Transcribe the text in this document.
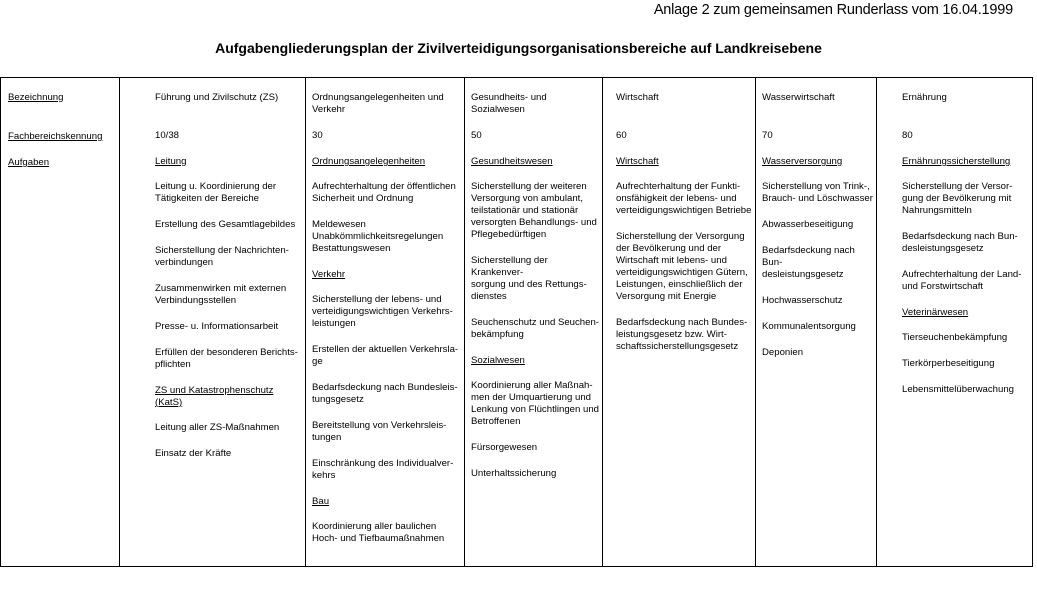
Anlage 2 zum gemeinsamen Runderlass vom 16.04.1999
Aufgabengliederungsplan der Zivilverteidigungsorganisationsbereiche auf Landkreisebene

Bezeichnung

Fachbereichskennung

Aufgaben

Führung und Zivilschutz (ZS)
10/38

Leitung

Leitung u. Koordinierung der

Tätigkeiten der Bereiche

Erstellung des Gesamtlagebildes

Sicherstellung der Nachrichten-

verbindungen

Zusammenwirken mit externen

Verbindungsstellen

Presse- u. Informationsarbeit

Erfüllen der besonderen Berichts-

pflichten

ZS und Katastrophenschutz

(KatS)

Leitung aller ZS-Maßnahmen

Einsatz der Kräfte

Ordnungsangelegenheiten und Verkehr
30

Ordnungsangelegenheiten

Aufrechterhaltung der öffentlichen

Sicherheit und Ordnung

Meldewesen

Unabkömmlichkeitsregelungen

Bestattungswesen

Verkehr

Sicherstellung der lebens- und

verteidigungswichtigen Verkehrs-

leistungen

Erstellen der aktuellen Verkehrsla-

ge

Bedarfsdeckung nach Bundesleis-

tungsgesetz

Bereitstellung von Verkehrsleis-

tungen

Einschränkung des Individualver-

kehrs

Bau

Koordinierung aller baulichen

Hoch- und Tiefbaumaßnahmen

Gesundheits- und Sozialwesen
50

Gesundheitswesen

Sicherstellung der weiteren

Versorgung von ambulant,

teilstationär und stationär

versorgten Behandlungs- und

Pflegebedürftigen

Sicherstellung der Krankenver-

sorgung und des Rettungs-

dienstes

Seuchenschutz und Seuchen-

bekämpfung

Sozialwesen

Koordinierung aller Maßnah-

men der Umquartierung und

Lenkung von Flüchtlingen und

Betroffenen

Fürsorgewesen

Unterhaltssicherung

Wirtschaft
60

Wirtschaft

Aufrechterhaltung der Funkti-

onsfähigkeit der lebens- und

verteidigungswichtigen Betriebe

Sicherstellung der Versorgung

der Bevölkerung und der

Wirtschaft mit lebens- und

verteidigungswichtigen Gütern,

Leistungen, einschließlich der

Versorgung mit Energie

Bedarfsdeckung nach Bundes-

leistungsgesetz bzw. Wirt-

schaftssicherstellungsgesetz

Wasserwirtschaft
70

Wasserversorgung

Sicherstellung von Trink-,

Brauch- und Löschwasser

Abwasserbeseitigung

Bedarfsdeckung nach Bun-

desleistungsgesetz

Hochwasserschutz

Kommunalentsorgung

Deponien

Ernährung
80

Ernährungssicherstellung

Sicherstellung der Versor-

gung der Bevölkerung mit

Nahrungsmitteln

Bedarfsdeckung nach Bun-

desleistungsgesetz

Aufrechterhaltung der Land-

und Forstwirtschaft

Veterinärwesen

Tierseuchenbekämpfung

Tierkörperbeseitigung

Lebensmittelüberwachung
